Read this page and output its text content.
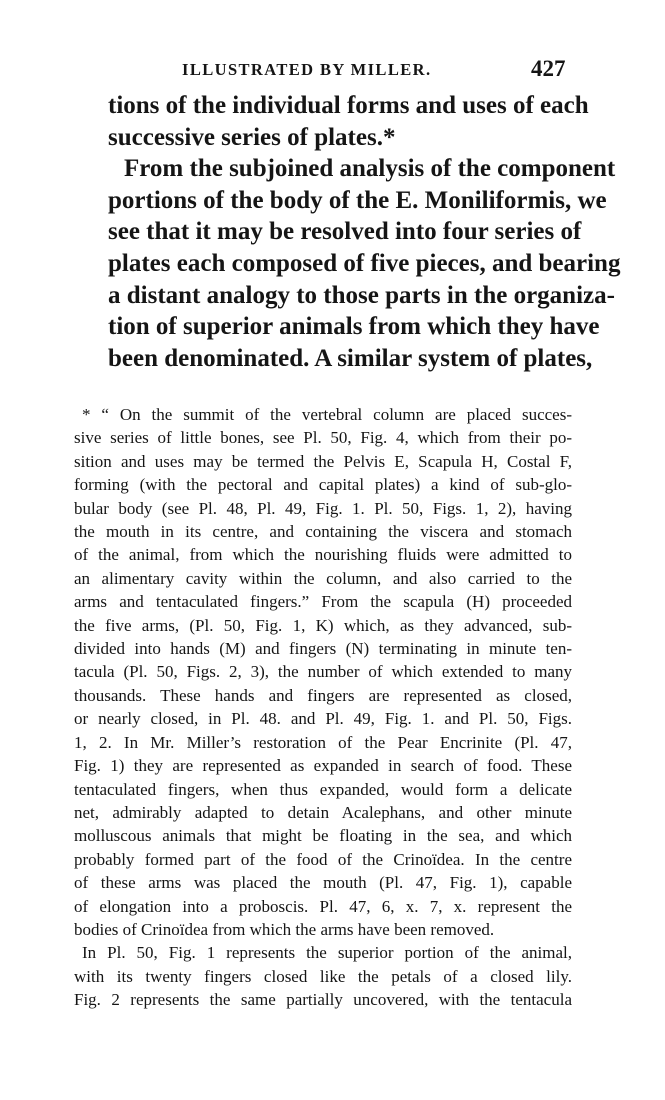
ILLUSTRATED BY MILLER.	427
tions of the individual forms and uses of each
successive series of plates.*
From the subjoined analysis of the component
portions of the body of the E. Moniliformis, we
see that it may be resolved into four series of
plates each composed of five pieces, and bearing
a distant analogy to those parts in the organiza-
tion of superior animals from which they have
been denominated. A similar system of plates,
* “ On the summit of the vertebral column are placed succes-
sive series of little bones, see Pl. 50, Fig. 4, which from their po-
sition and uses may be termed the Pelvis E, Scapula H, Costal F,
forming (with the pectoral and capital plates) a kind of sub-glo-
bular body (see Pl. 48, Pl. 49, Fig. 1. Pl. 50, Figs. 1, 2), having
the mouth in its centre, and containing the viscera and stomach
of the animal, from which the nourishing fluids were admitted to
an alimentary cavity within the column, and also carried to the
arms and tentaculated fingers.” From the scapula (H) proceeded
the five arms, (Pl. 50, Fig. 1, K) which, as they advanced, sub-
divided into hands (M) and fingers (N) terminating in minute ten-
tacula (Pl. 50, Figs. 2, 3), the number of which extended to many
thousands. These hands and fingers are represented as closed,
or nearly closed, in Pl. 48. and Pl. 49, Fig. 1. and Pl. 50, Figs.
1, 2. In Mr. Miller’s restoration of the Pear Encrinite (Pl. 47,
Fig. 1) they are represented as expanded in search of food. These
tentaculated fingers, when thus expanded, would form a delicate
net, admirably adapted to detain Acalephans, and other minute
molluscous animals that might be floating in the sea, and which
probably formed part of the food of the Crinoïdea. In the centre
of these arms was placed the mouth (Pl. 47, Fig. 1), capable
of elongation into a proboscis. Pl. 47, 6, x. 7, x. represent the
bodies of Crinoïdea from which the arms have been removed.
In Pl. 50, Fig. 1 represents the superior portion of the animal,
with its twenty fingers closed like the petals of a closed lily.
Fig. 2 represents the same partially uncovered, with the tentacula
